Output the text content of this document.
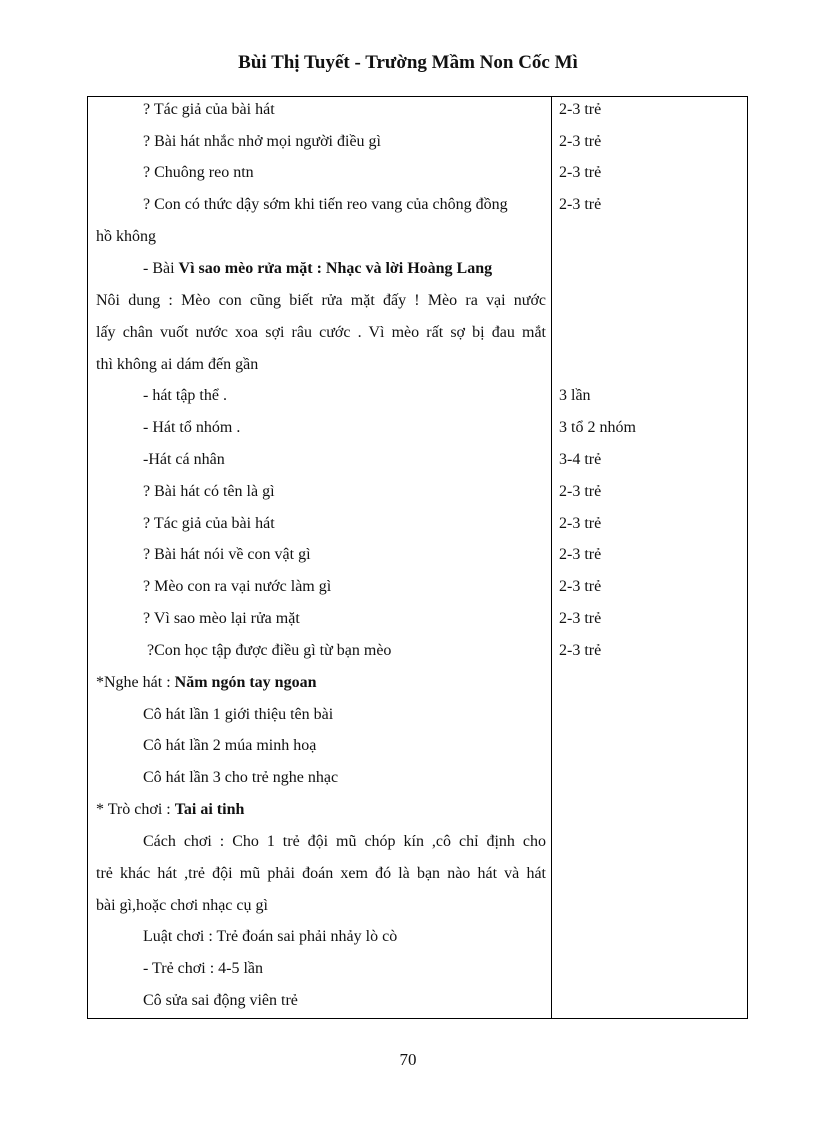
Bùi Thị Tuyết - Trường Mầm Non Cốc Mì
? Tác giả của bài hát	2-3 trẻ
? Bài hát nhắc nhở mọi người điều gì	2-3 trẻ
? Chuông reo ntn	2-3 trẻ
? Con có thức dậy sớm khi tiến reo vang của chông đồng	2-3 trẻ
hồ không
- Bài Vì sao mèo rửa mặt : Nhạc và lời Hoàng Lang
Nôi dung : Mèo con cũng biết rửa mặt đấy ! Mèo ra vại nước
lấy chân vuốt nước xoa sợi râu cước . Vì mèo rất sợ bị đau mắt
thì không ai dám đến gần
- hát tập thể .	3 lần
- Hát tổ nhóm .	3 tổ 2 nhóm
-Hát cá nhân	3-4 trẻ
? Bài hát có tên là gì	2-3 trẻ
? Tác giả của bài hát	2-3 trẻ
? Bài hát nói về con vật gì	2-3 trẻ
? Mèo con ra vại nước làm gì	2-3 trẻ
? Vì sao mèo lại rửa mặt	2-3 trẻ
?Con học tập được điều gì từ bạn mèo	2-3 trẻ
*Nghe hát : Năm ngón tay ngoan
Cô hát lần 1 giới thiệu tên bài
Cô hát lần 2 múa minh hoạ
Cô hát lần 3 cho trẻ nghe nhạc
* Trò chơi : Tai ai tinh
Cách chơi : Cho 1 trẻ đội mũ chóp kín ,cô chỉ định cho
trẻ khác hát ,trẻ đội mũ phải đoán xem đó là bạn nào hát và hát
bài gì,hoặc chơi nhạc cụ gì
Luật chơi : Trẻ đoán sai phải nhảy lò cò
- Trẻ chơi : 4-5 lần
Cô sửa sai động viên trẻ
70
